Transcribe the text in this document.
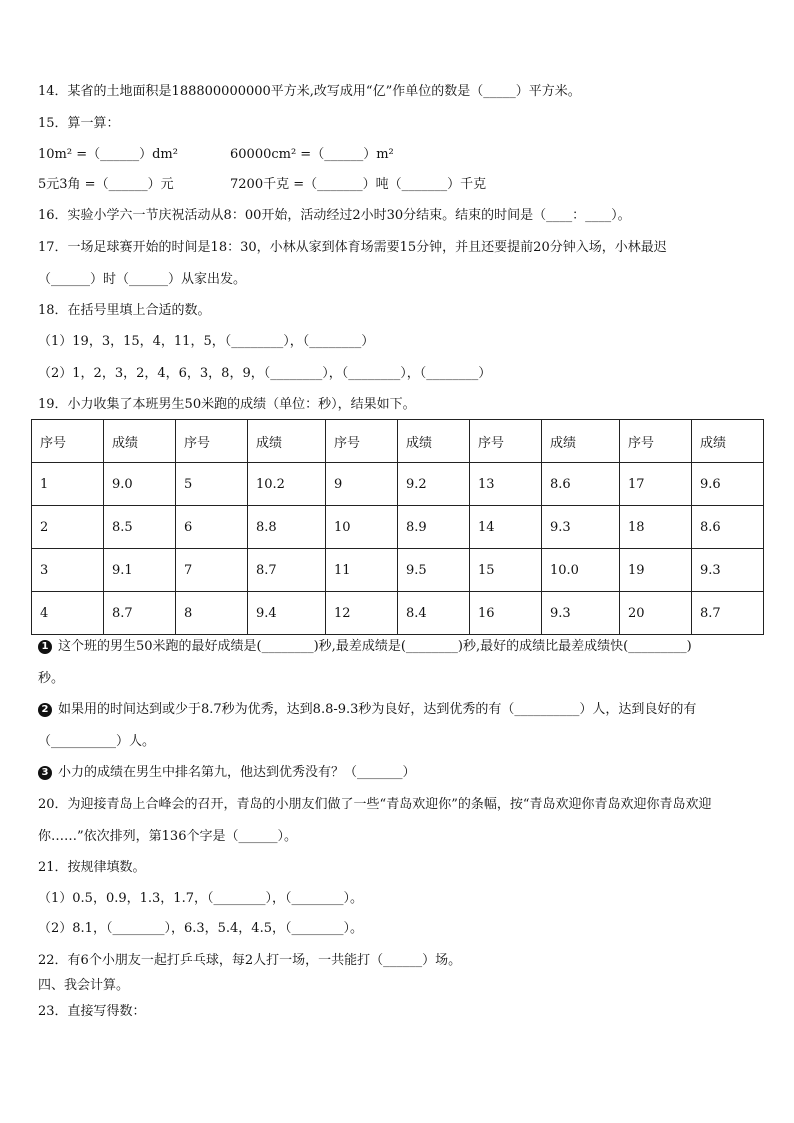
14．某省的土地面积是188800000000平方米,改写成用“亿”作单位的数是（_____）平方米。
15．算一算：
10m² =（______）dm²	60000cm² =（______）m²
5元3角 =（______）元	7200千克 =（_______）吨（_______）千克
16．实验小学六一节庆祝活动从8：00开始，活动经过2小时30分结束。结束的时间是（____：____）。
17．一场足球赛开始的时间是18：30，小林从家到体育场需要15分钟，并且还要提前20分钟入场，小林最迟
（______）时（______）从家出发。
18．在括号里填上合适的数。
（1）19，3，15，4，11，5，（________），（________）
（2）1，2，3，2，4，6，3，8，9，（________），（________），（________）
19．小力收集了本班男生50米跑的成绩（单位：秒），结果如下。
序号	成绩	序号	成绩	序号	成绩	序号	成绩	序号	成绩
1	9.0	5	10.2	9	9.2	13	8.6	17	9.6
2	8.5	6	8.8	10	8.9	14	9.3	18	8.6
3	9.1	7	8.7	11	9.5	15	10.0	19	9.3
4	8.7	8	9.4	12	8.4	16	9.3	20	8.7
1 这个班的男生50米跑的最好成绩是(________)秒,最差成绩是(________)秒,最好的成绩比最差成绩快(_________)
秒。
2 如果用的时间达到或少于8.7秒为优秀，达到8.8-9.3秒为良好，达到优秀的有（__________）人，达到良好的有
（__________）人。
3 小力的成绩在男生中排名第九，他达到优秀没有？（_______）
20．为迎接青岛上合峰会的召开，青岛的小朋友们做了一些“青岛欢迎你”的条幅，按“青岛欢迎你青岛欢迎你青岛欢迎
你……”依次排列，第136个字是（______）。
21．按规律填数。
（1）0.5，0.9，1.3，1.7，（________），（________）。
（2）8.1，（________），6.3，5.4，4.5，（________）。
22．有6个小朋友一起打乒乓球，每2人打一场，一共能打（______）场。
四、我会计算。
23．直接写得数：
